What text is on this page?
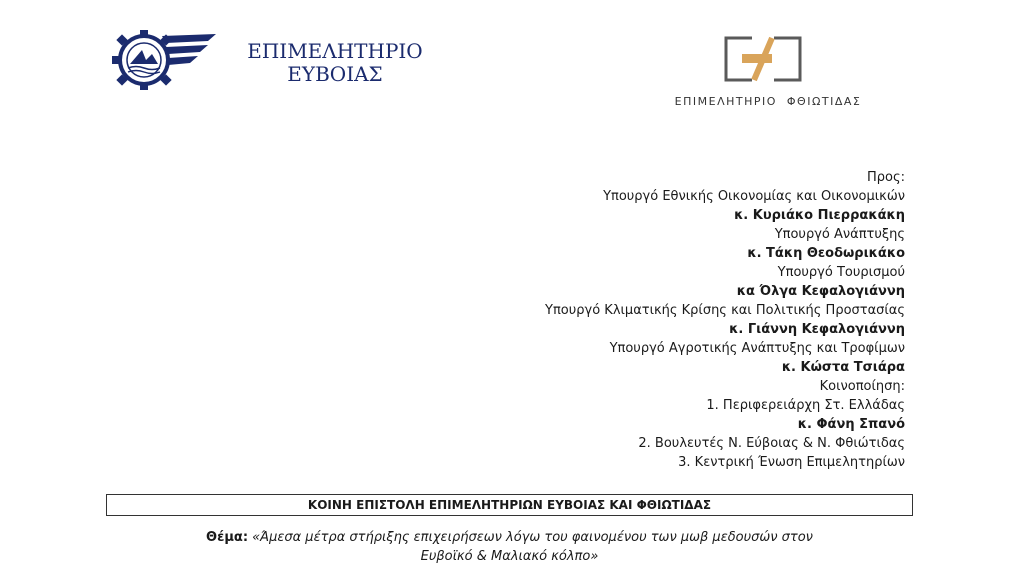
ΕΠΙΜΕΛΗΤΗΡΙΟ
ΕΥΒΟΙΑΣ
ΕΠΙΜΕΛΗΤΗΡΙΟ  ΦΘΙΩΤΙΔΑΣ
Προς:
Υπουργό Εθνικής Οικονομίας και Οικονομικών
κ. Κυριάκο Πιερρακάκη
Υπουργό Ανάπτυξης
κ. Τάκη Θεοδωρικάκο
Υπουργό Τουρισμού
κα Όλγα Κεφαλογιάννη
Υπουργό Κλιματικής Κρίσης και Πολιτικής Προστασίας
κ. Γιάννη Κεφαλογιάννη
Υπουργό Αγροτικής Ανάπτυξης και Τροφίμων
κ. Κώστα Τσιάρα
Κοινοποίηση:
1. Περιφερειάρχη Στ. Ελλάδας
κ. Φάνη Σπανό
2. Βουλευτές Ν. Εύβοιας & Ν. Φθιώτιδας
3. Κεντρική Ένωση Επιμελητηρίων
ΚΟΙΝΗ ΕΠΙΣΤΟΛΗ ΕΠΙΜΕΛΗΤΗΡΙΩΝ ΕΥΒΟΙΑΣ ΚΑΙ ΦΘΙΩΤΙΔΑΣ
Θέμα: «Άμεσα μέτρα στήριξης επιχειρήσεων λόγω του φαινομένου των μωβ μεδουσών στον
Ευβοϊκό & Μαλιακό κόλπο»
